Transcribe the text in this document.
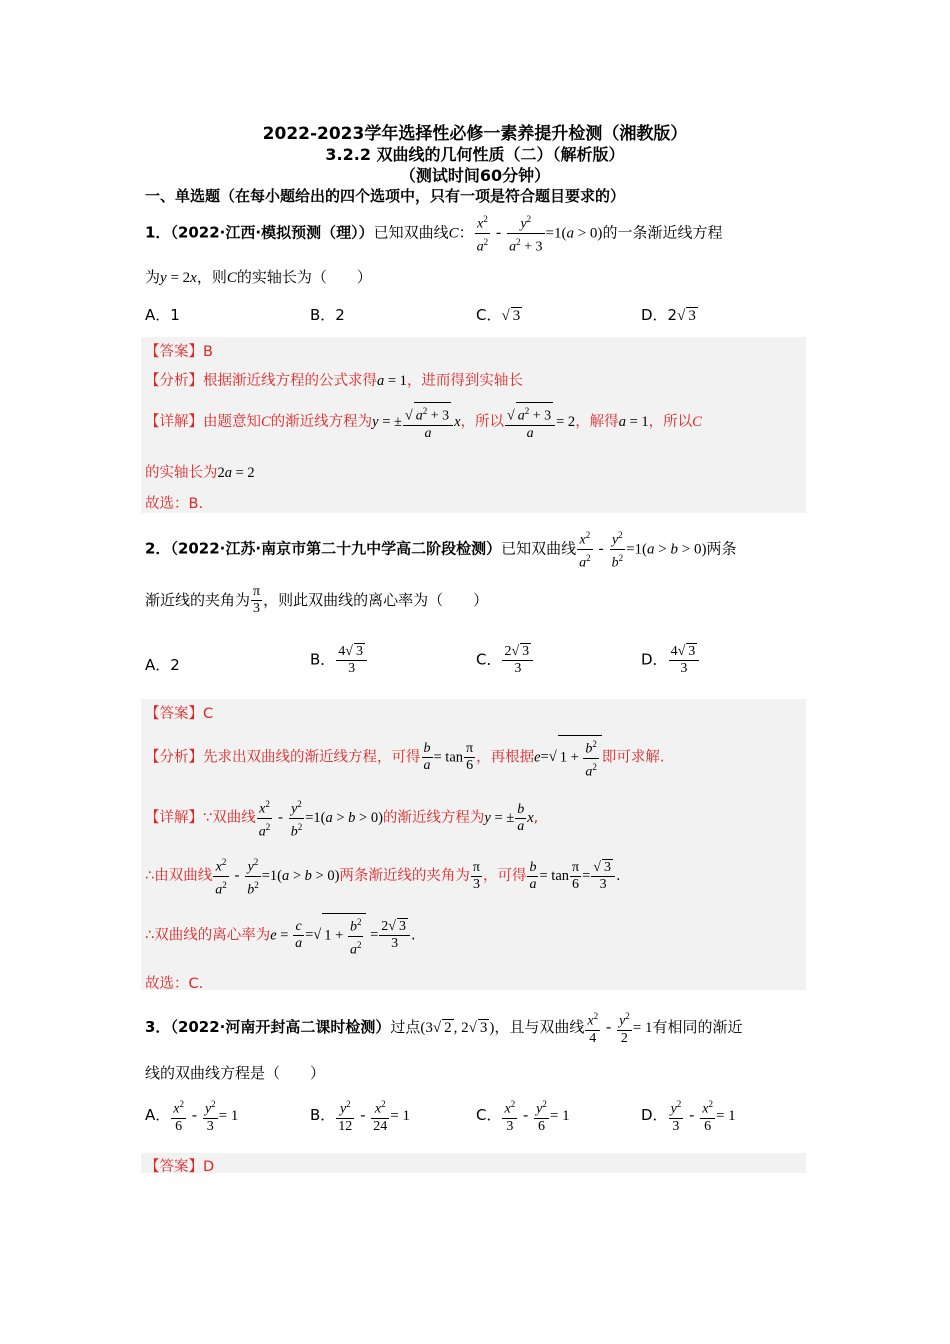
2022-2023学年选择性必修一素养提升检测（湘教版）
3.2.2 双曲线的几何性质（二）（解析版）
（测试时间60分钟）
一、单选题（在每小题给出的四个选项中，只有一项是符合题目要求的）
1．（2022·江西·模拟预测（理））已知双曲线C： $\frac{x^2}{a^2} - \frac{y^2}{a^2 + 3} =1(a > 0)$的一条渐近线方程
为y = 2x，则C的实轴长为（　　）
A．1	B．2	C．√ 3	D．2√ 3
【答案】B
【分析】根据渐近线方程的公式求得a = 1，进而得到实轴长
【详解】由题意知C的渐近线方程为y = ± $\frac{√ a^2 + 3}{a}$ x，所以 $\frac{√ a^2 + 3}{a} = 2$，解得a = 1，所以C
的实轴长为2a = 2
故选：B.
2．（2022·江苏·南京市第二十九中学高二阶段检测）已知双曲线 $\frac{x^2}{a^2} - \frac{y^2}{b^2} =1(a > b > 0)$两条
渐近线的夹角为 $\frac{\pi}{3}$ ，则此双曲线的离心率为（　　）
A．2	B． $\frac{4√ 3}{3}$	C． $\frac{2√ 3}{3}$	D． $\frac{4√ 3}{3}$
【答案】C
【分析】先求出双曲线的渐近线方程，可得 $\frac{b}{a} = \tan \frac{\pi}{6}$ ，再根据e=√ $1 + \frac{b^2}{a^2}$ 即可求解.
【详解】∵双曲线 $\frac{x^2}{a^2} - \frac{y^2}{b^2} =1(a > b > 0)$的渐近线方程为y = ± $\frac{b}{a} x$,
∴由双曲线 $\frac{x^2}{a^2} - \frac{y^2}{b^2} =1(a > b > 0)$两条渐近线的夹角为 $\frac{\pi}{3}$ ，可得 $\frac{b}{a} = \tan \frac{\pi}{6} = \frac{√ 3}{3}$ .
∴双曲线的离心率为$e = \frac{c}{a}$ =√ $1 + \frac{b^2}{a^2} = \frac{2√ 3}{3}$ .
故选：C.
3．（2022·河南开封高二课时检测）过点(3√ 2 , 2√ 3 )，且与双曲线 $\frac{x^2}{4} - \frac{y^2}{2} = 1$有相同的渐近
线的双曲线方程是（　　）
A． $\frac{x^2}{6} - \frac{y^2}{3} = 1$	B． $\frac{y^2}{12} - \frac{x^2}{24} = 1$	C． $\frac{x^2}{3} - \frac{y^2}{6} = 1$	D． $\frac{y^2}{3} - \frac{x^2}{6} = 1$
【答案】D
